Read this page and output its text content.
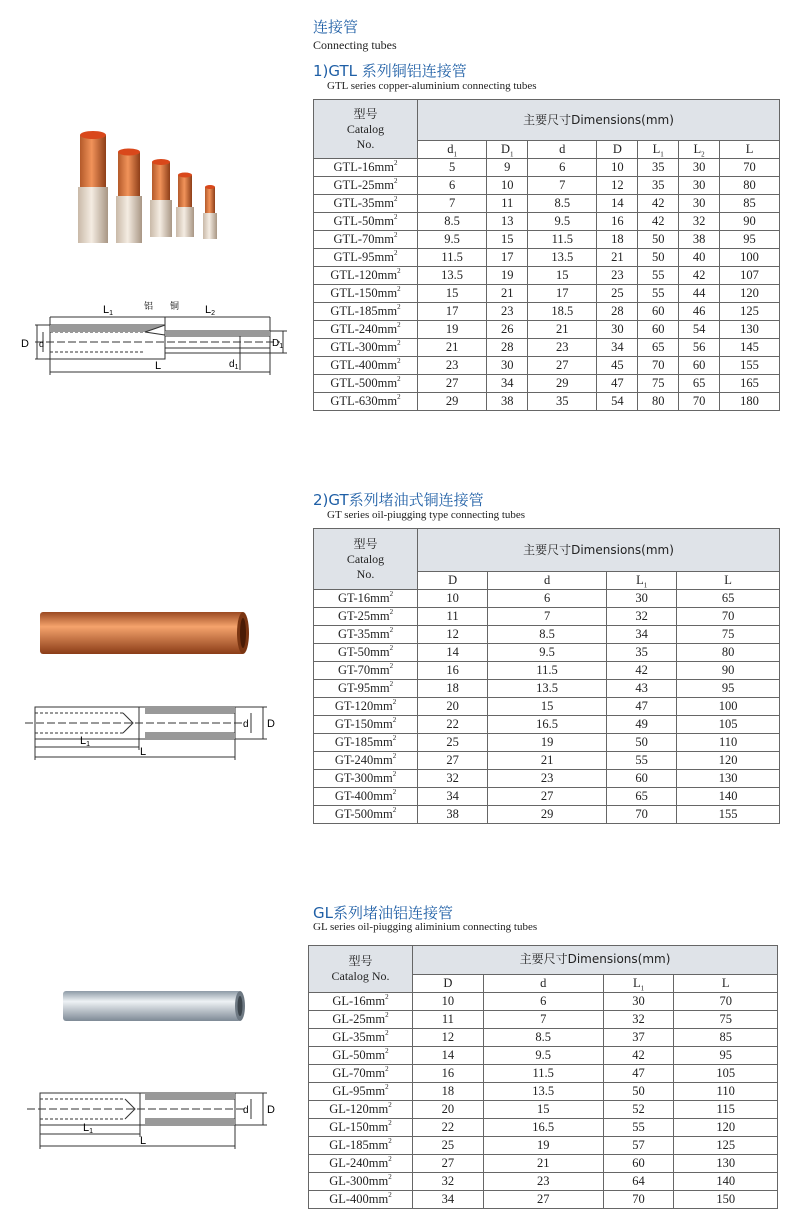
连接管
Connecting tubes
1)GTL 系列铜铝连接管
GTL series copper-aluminium connecting tubes
L1	L2
L
D d	$D_1$
$d_1$
铝 铜
型号
Catalog
No.	主要尺寸Dimensions(mm)						
	$d_1$	$D_1$	d	D	$L_1$	$L_2$	L
GTL-$16mm^2$	5	9	6	10	35	30	70
GTL-$25mm^2$	6	10	7	12	35	30	80
GTL-$35mm^2$	7	11	8.5	14	42	30	85
GTL-$50mm^2$	8.5	13	9.5	16	42	32	90
GTL-$70mm^2$	9.5	15	11.5	18	50	38	95
GTL-$95mm^2$	11.5	17	13.5	21	50	40	100
GTL-$120mm^2$	13.5	19	15	23	55	42	107
GTL-$150mm^2$	15	21	17	25	55	44	120
GTL-$185mm^2$	17	23	18.5	28	60	46	125
GTL-$240mm^2$	19	26	21	30	60	54	130
GTL-$300mm^2$	21	28	23	34	65	56	145
GTL-$400mm^2$	23	30	27	45	70	60	155
GTL-$500mm^2$	27	34	29	47	75	65	165
GTL-$630mm^2$	29	38	35	54	80	70	180
2)GT系列堵油式铜连接管
GT series oil-piugging type connecting tubes
L1
L
D
d
型号
Catalog
No.	主要尺寸Dimensions(mm)			
	D	d	$L_1$	L
$GT-16mm^2$	10	6	30	65
$GT-25mm^2$	11	7	32	70
$GT-35mm^2$	12	8.5	34	75
$GT-50mm^2$	14	9.5	35	80
$GT-70mm^2$	16	11.5	42	90
$GT-95mm^2$	18	13.5	43	95
$GT-120mm^2$	20	15	47	100
$GT-150mm^2$	22	16.5	49	105
$GT-185mm^2$	25	19	50	110
$GT-240mm^2$	27	21	55	120
$GT-300mm^2$	32	23	60	130
$GT-400mm^2$	34	27	65	140
$GT-500mm^2$	38	29	70	155
GL系列堵油铝连接管
GL series oil-piugging aliminium connecting tubes
L1
L
D
d
型号
Catalog No.	主要尺寸Dimensions(mm)			
	D	d	$L_1$	L
$GL-16mm^2$	10	6	30	70
$GL-25mm^2$	11	7	32	75
$GL-35mm^2$	12	8.5	37	85
$GL-50mm^2$	14	9.5	42	95
$GL-70mm^2$	16	11.5	47	105
$GL-95mm^2$	18	13.5	50	110
$GL-120mm^2$	20	15	52	115
$GL-150mm^2$	22	16.5	55	120
$GL-185mm^2$	25	19	57	125
$GL-240mm^2$	27	21	60	130
$GL-300mm^2$	32	23	64	140
$GL-400mm^2$	34	27	70	150
